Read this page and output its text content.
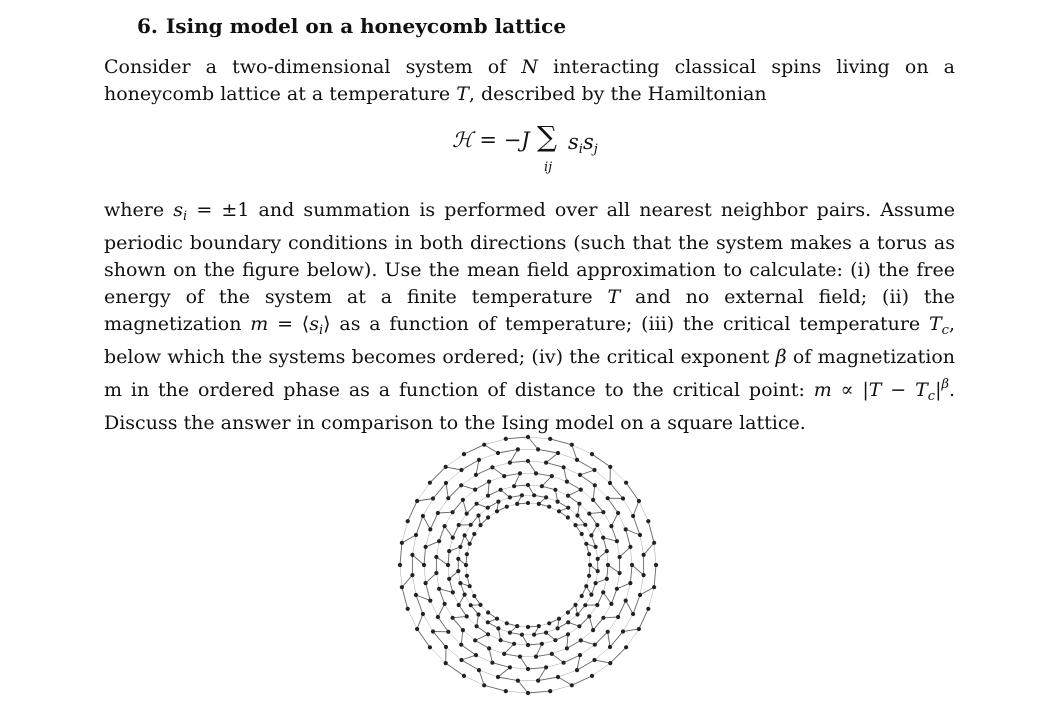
6. Ising model on a honeycomb lattice
Consider a two-dimensional system of N interacting classical spins living on a honeycomb lattice at a temperature T, described by the Hamiltonian
ℋ = −J ∑
ij
$s_is_j$
where $s_i = \pm 1$ and summation is performed over all nearest neighbor pairs. Assume periodic boundary conditions in both directions (such that the system makes a torus as shown on the figure below). Use the mean field approximation to calculate: (i) the free energy of the system at a finite temperature T and no external field; (ii) the magnetization $m = ⟨s_i⟩$ as a function of temperature; (iii) the critical temperature $T_c$, below which the systems becomes ordered; (iv) the critical exponent β of magnetization m in the ordered phase as a function of distance to the critical point: $m \propto |T - T_c|^\beta$. Discuss the answer in comparison to the Ising model on a square lattice.
